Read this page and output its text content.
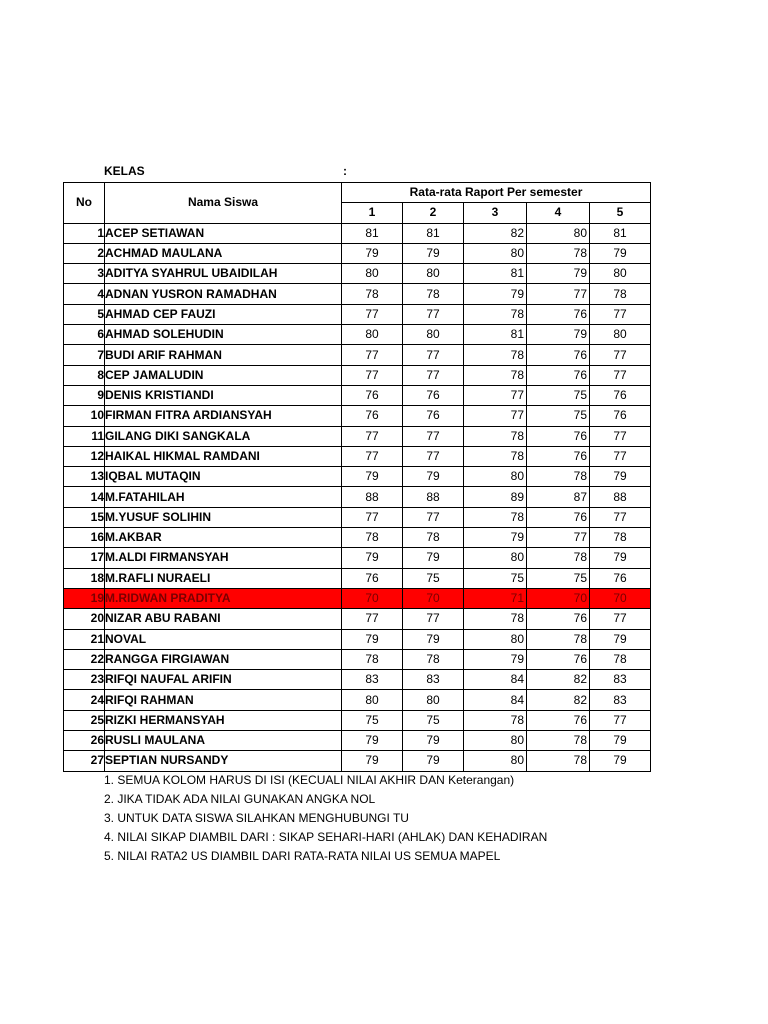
KELAS	:
No	Nama Siswa	Rata-rata Raport Per semester				
		1	2	3	4	5
1	ACEP SETIAWAN	81	81	82	80	81
2	ACHMAD MAULANA	79	79	80	78	79
3	ADITYA SYAHRUL UBAIDILAH	80	80	81	79	80
4	ADNAN YUSRON RAMADHAN	78	78	79	77	78
5	AHMAD CEP FAUZI	77	77	78	76	77
6	AHMAD SOLEHUDIN	80	80	81	79	80
7	BUDI ARIF RAHMAN	77	77	78	76	77
8	CEP JAMALUDIN	77	77	78	76	77
9	DENIS KRISTIANDI	76	76	77	75	76
10	FIRMAN FITRA ARDIANSYAH	76	76	77	75	76
11	GILANG DIKI SANGKALA	77	77	78	76	77
12	HAIKAL HIKMAL RAMDANI	77	77	78	76	77
13	IQBAL MUTAQIN	79	79	80	78	79
14	M.FATAHILAH	88	88	89	87	88
15	M.YUSUF SOLIHIN	77	77	78	76	77
16	M.AKBAR	78	78	79	77	78
17	M.ALDI FIRMANSYAH	79	79	80	78	79
18	M.RAFLI NURAELI	76	75	75	75	76
19	M.RIDWAN PRADITYA	70	70	71	70	70
20	NIZAR ABU RABANI	77	77	78	76	77
21	NOVAL	79	79	80	78	79
22	RANGGA FIRGIAWAN	78	78	79	76	78
23	RIFQI NAUFAL ARIFIN	83	83	84	82	83
24	RIFQI RAHMAN	80	80	84	82	83
25	RIZKI HERMANSYAH	75	75	78	76	77
26	RUSLI MAULANA	79	79	80	78	79
27	SEPTIAN NURSANDY	79	79	80	78	79
1. SEMUA KOLOM HARUS DI ISI (KECUALI NILAI AKHIR DAN Keterangan)
2. JIKA TIDAK ADA NILAI GUNAKAN ANGKA NOL
3. UNTUK DATA SISWA SILAHKAN MENGHUBUNGI TU
4. NILAI SIKAP DIAMBIL DARI : SIKAP SEHARI-HARI (AHLAK) DAN KEHADIRAN
5. NILAI RATA2 US DIAMBIL DARI RATA-RATA NILAI US SEMUA MAPEL
